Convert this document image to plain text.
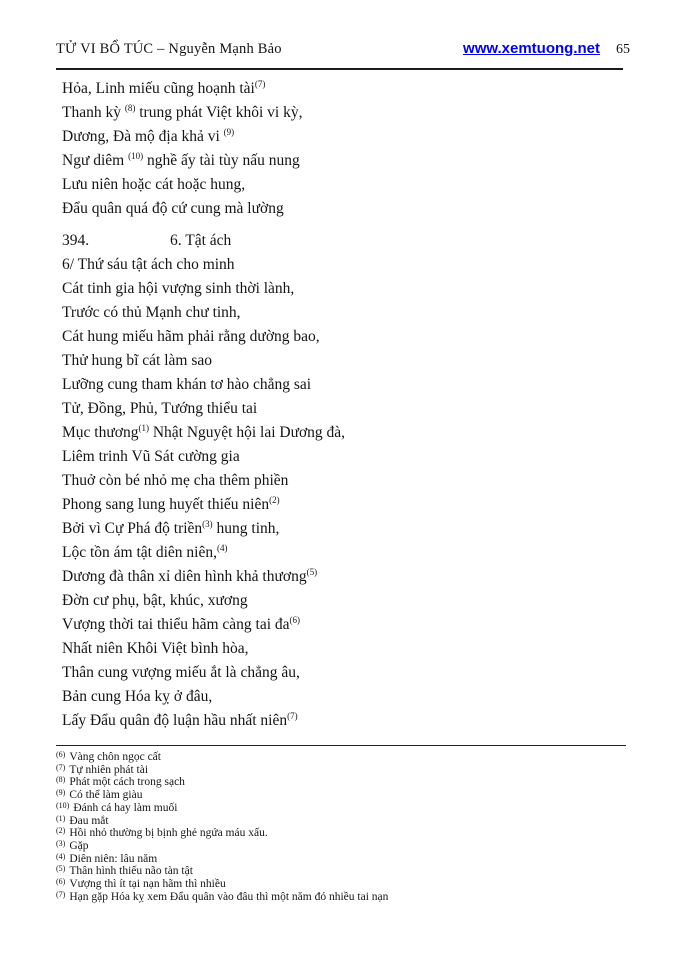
TỬ VI BỔ TÚC – Nguyễn Mạnh Bảo	www.xemtuong.net 65
Hỏa, Linh miếu cũng hoạnh tài$^{(7)}$
Thanh kỳ $^{(8)}$ trung phát Việt khôi vi kỳ,
Dương, Đà mộ địa khả vi $^{(9)}$
Ngư diêm $^{(10)}$ nghề ấy tài tùy nấu nung
Lưu niên hoặc cát hoặc hung,
Đẩu quân quá độ cứ cung mà lường
394.	6. Tật ách
6/ Thứ sáu tật ách cho minh
Cát tinh gia hội vượng sinh thời lành,
Trước có thủ Mạnh chư tinh,
Cát hung miếu hãm phải rằng dường bao,
Thử hung bĩ cát làm sao
Lưỡng cung tham khán tơ hào chẳng sai
Tử, Đồng, Phủ, Tướng thiểu tai
Mục thương$^{(1)}$ Nhật Nguyệt hội lai Dương đà,
Liêm trinh Vũ Sát cường gia
Thuở còn bé nhỏ mẹ cha thêm phiền
Phong sang lung huyết thiếu niên$^{(2)}$
Bởi vì Cự Phá độ triền$^{(3)}$ hung tinh,
Lộc tồn ám tật diên niên,$^{(4)}$
Dương đà thân xỉ diên hình khả thương$^{(5)}$
Đờn cư phụ, bật, khúc, xương
Vượng thời tai thiểu hãm càng tai $đa^{(6)}$
Nhất niên Khôi Việt bình hòa,
Thân cung vượng miếu ắt là chẳng âu,
Bản cung Hóa kỵ ở đâu,
Lấy Đẩu quân độ luận hầu nhất niên$^{(7)}$
$^{(6)}$ Vàng chôn ngọc cất
$^{(7)}$ Tự nhiên phát tài
$^{(8)}$ Phát một cách trong sạch
$^{(9)}$ Có thể làm giàu
$^{(10)}$ Đánh cá hay làm muối
$^{(1)}$ Đau mắt
$^{(2)}$ Hồi nhỏ thường bị bịnh ghẻ ngứa máu xấu.
$^{(3)}$ Gặp
$^{(4)}$ Diên niên: lâu năm
$^{(5)}$ Thân hình thiếu não tàn tật
$^{(6)}$ Vượng thì ít tại nạn hãm thì nhiều
$^{(7)}$ Hạn gặp Hóa kỵ xem Đẩu quân vào đâu thì một năm đó nhiều tai nạn
